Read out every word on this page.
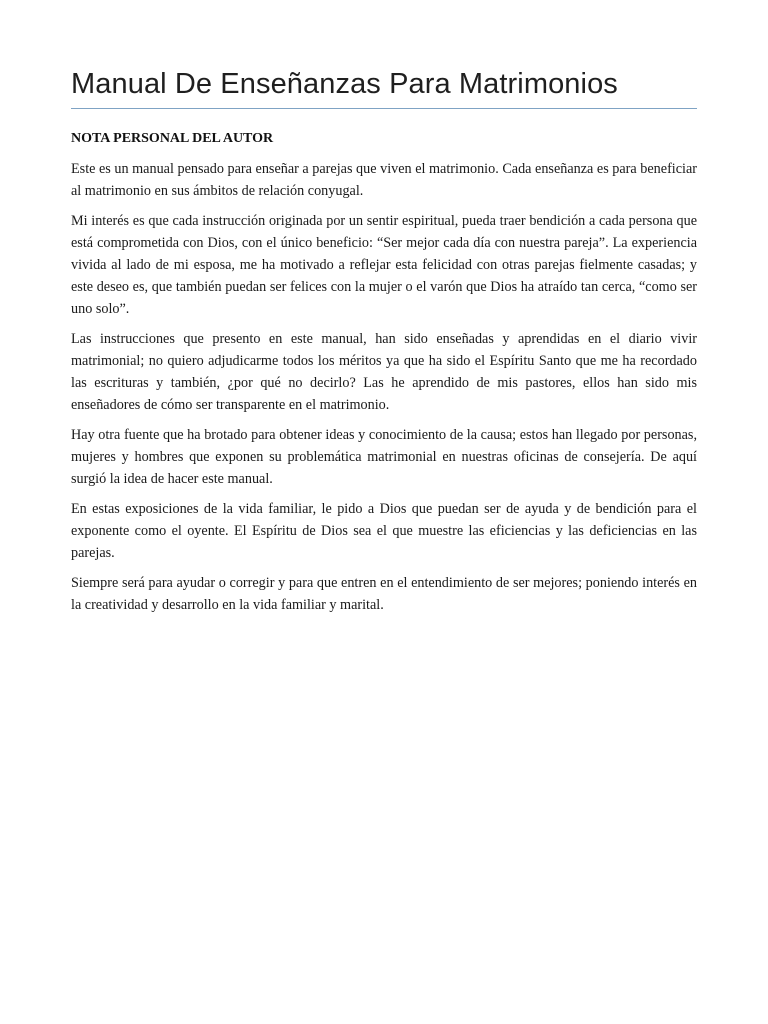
Manual De Enseñanzas Para Matrimonios
NOTA PERSONAL DEL AUTOR

Este es un manual pensado para enseñar a parejas que viven el matrimonio. Cada enseñanza es para beneficiar al matrimonio en sus ámbitos de relación conyugal.

Mi interés es que cada instrucción originada por un sentir espiritual, pueda traer bendición a cada persona que está comprometida con Dios, con el único beneficio: “Ser mejor cada día con nuestra pareja”. La experiencia vivida al lado de mi esposa, me ha motivado a reflejar esta felicidad con otras parejas fielmente casadas; y este deseo es, que también puedan ser felices con la mujer o el varón que Dios ha atraído tan cerca, “como ser uno solo”.

Las instrucciones que presento en este manual, han sido enseñadas y aprendidas en el diario vivir matrimonial; no quiero adjudicarme todos los méritos ya que ha sido el Espíritu Santo que me ha recordado las escrituras y también, ¿por qué no decirlo? Las he aprendido de mis pastores, ellos han sido mis enseñadores de cómo ser transparente en el matrimonio.

Hay otra fuente que ha brotado para obtener ideas y conocimiento de la causa; estos han llegado por personas, mujeres y hombres que exponen su problemática matrimonial en nuestras oficinas de consejería. De aquí surgió la idea de hacer este manual.

En estas exposiciones de la vida familiar, le pido a Dios que puedan ser de ayuda y de bendición para el exponente como el oyente. El Espíritu de Dios sea el que muestre las eficiencias y las deficiencias en las parejas.

Siempre será para ayudar o corregir y para que entren en el entendimiento de ser mejores; poniendo interés en la creatividad y desarrollo en la vida familiar y marital.
